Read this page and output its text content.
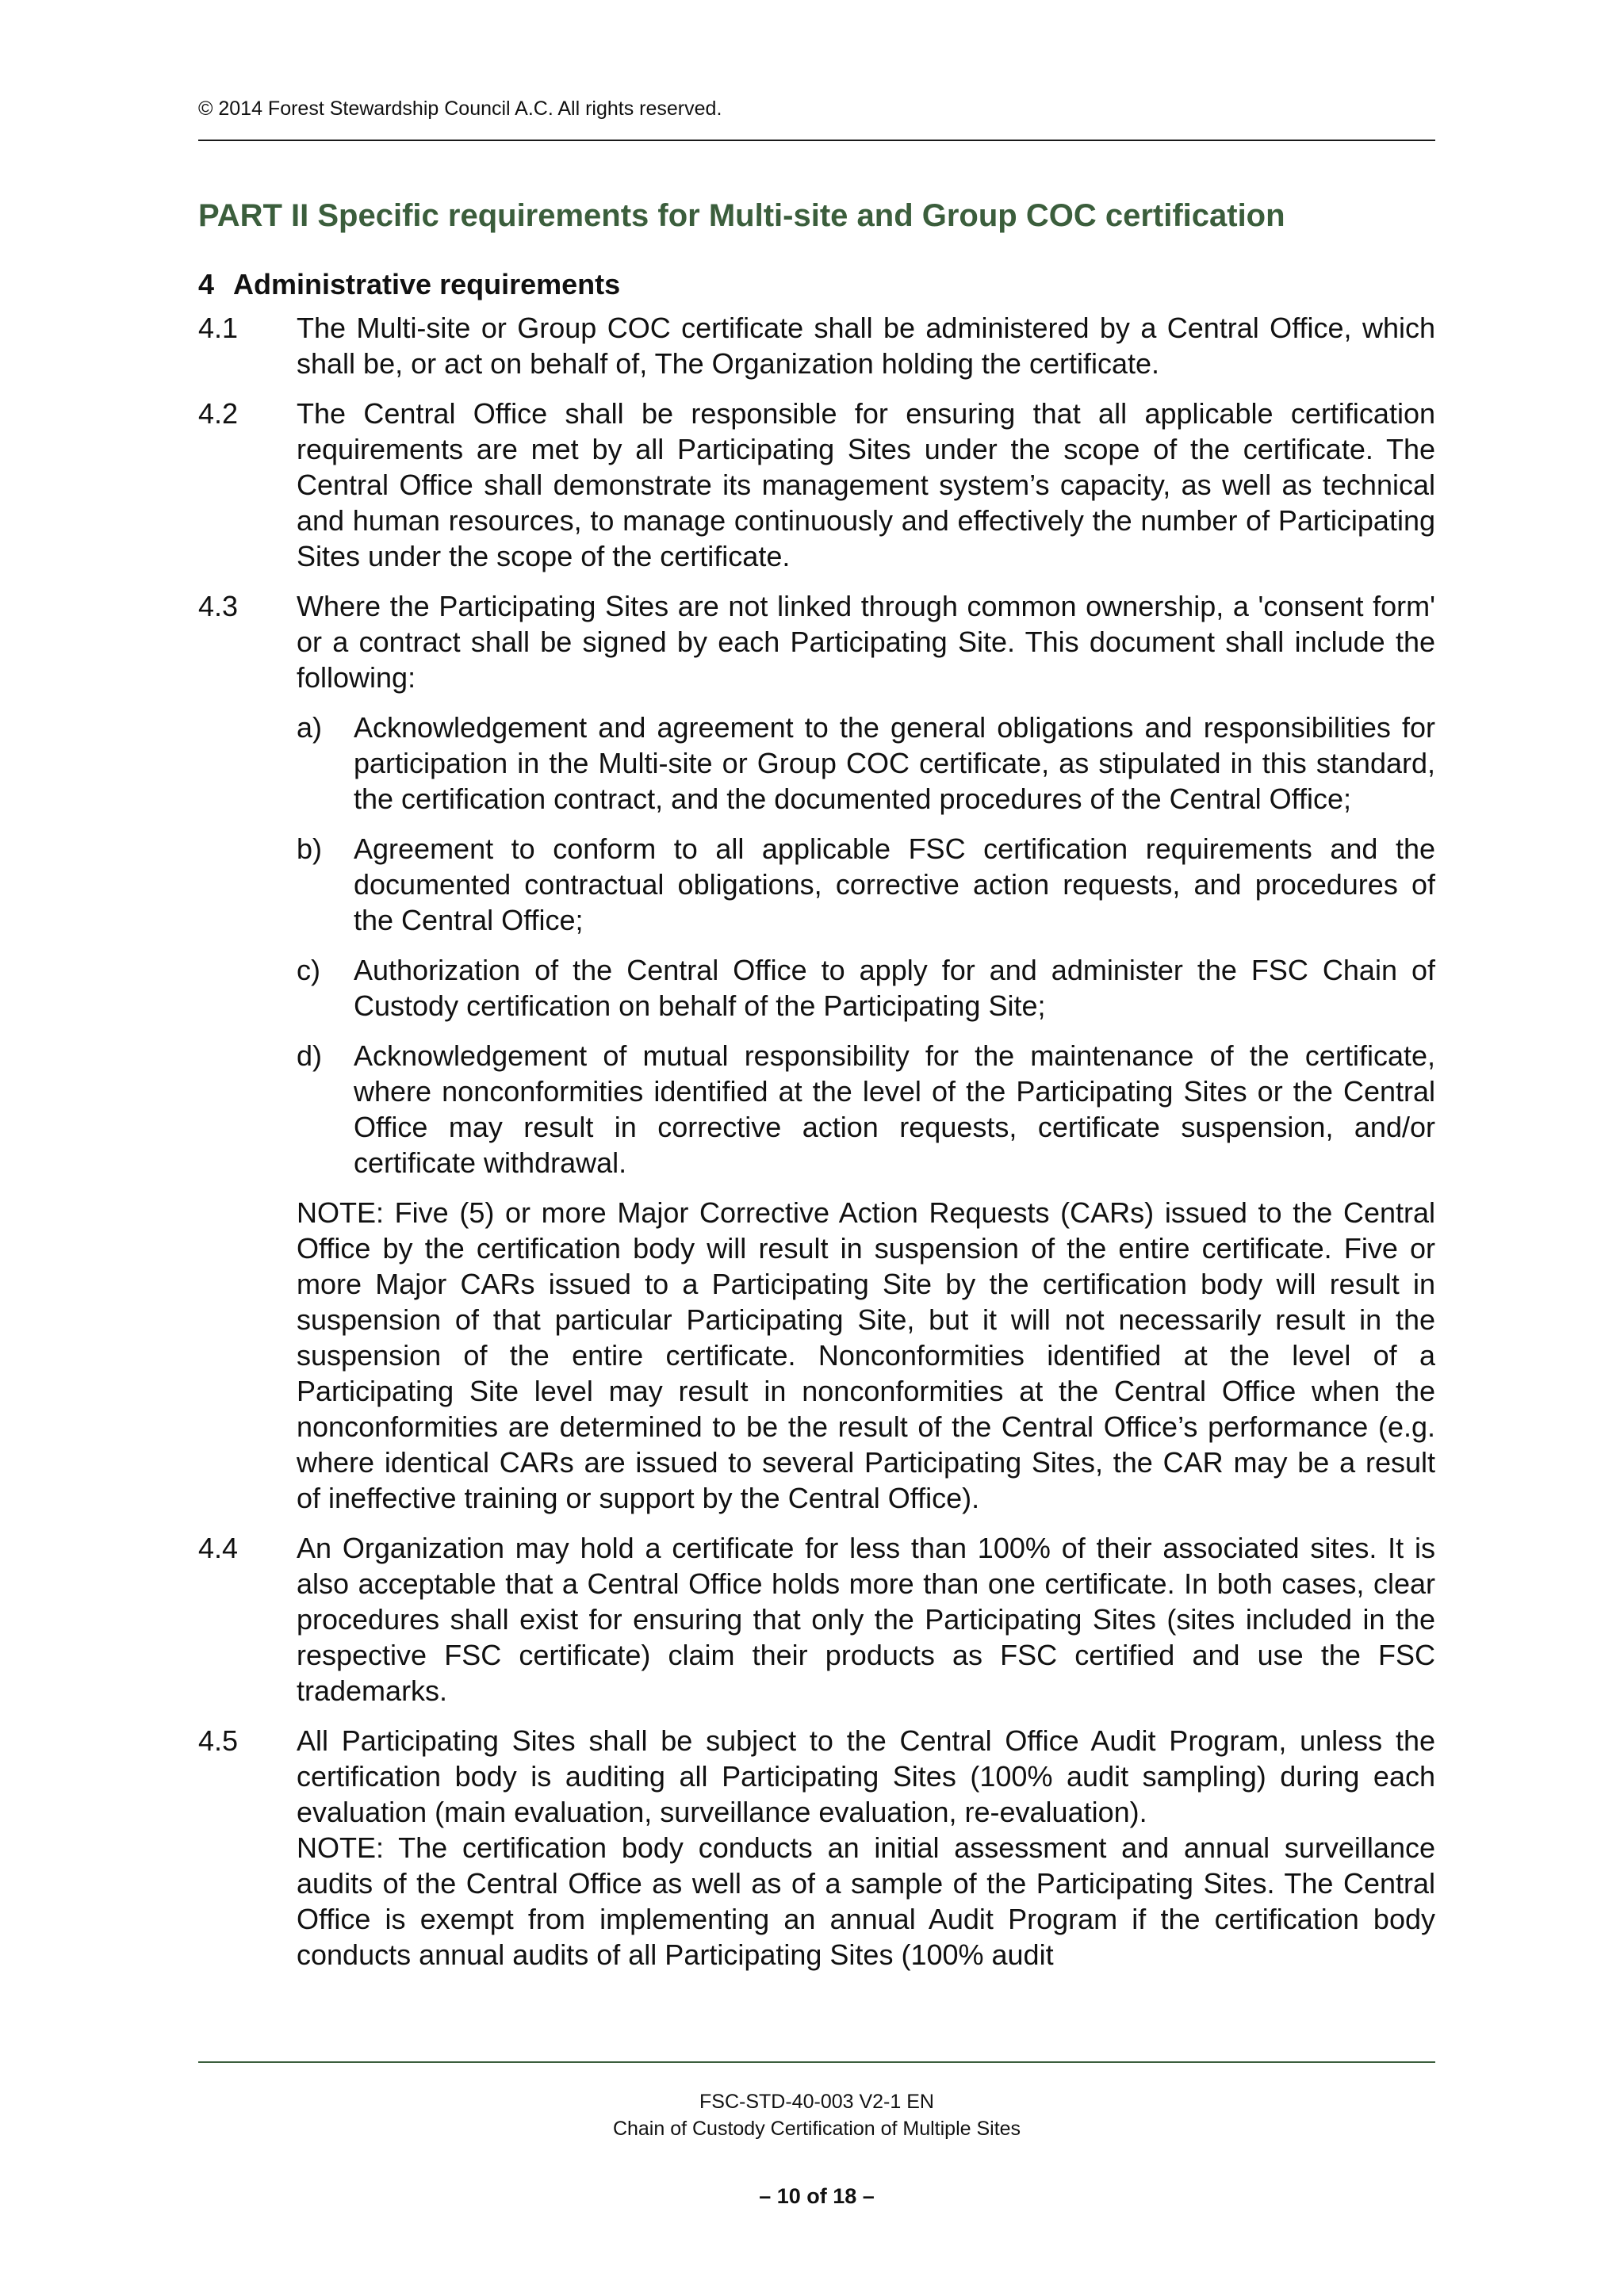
© 2014 Forest Stewardship Council A.C. All rights reserved.
PART II Specific requirements for Multi-site and Group COC certification
4 Administrative requirements
4.1 The Multi-site or Group COC certificate shall be administered by a Central Office, which shall be, or act on behalf of, The Organization holding the certificate.

4.2 The Central Office shall be responsible for ensuring that all applicable certification requirements are met by all Participating Sites under the scope of the certificate. The Central Office shall demonstrate its management system’s capacity, as well as technical and human resources, to manage continuously and effectively the number of Participating Sites under the scope of the certificate.

4.3 Where the Participating Sites are not linked through common ownership, a 'consent form' or a contract shall be signed by each Participating Site. This document shall include the following:

a) Acknowledgement and agreement to the general obligations and responsibilities for participation in the Multi-site or Group COC certificate, as stipulated in this standard, the certification contract, and the documented procedures of the Central Office;
b) Agreement to conform to all applicable FSC certification requirements and the documented contractual obligations, corrective action requests, and procedures of the Central Office;
c) Authorization of the Central Office to apply for and administer the FSC Chain of Custody certification on behalf of the Participating Site;
d) Acknowledgement of mutual responsibility for the maintenance of the certificate, where nonconformities identified at the level of the Participating Sites or the Central Office may result in corrective action requests, certificate suspension, and/or certificate withdrawal.

NOTE: Five (5) or more Major Corrective Action Requests (CARs) issued to the Central Office by the certification body will result in suspension of the entire certificate. Five or more Major CARs issued to a Participating Site by the certification body will result in suspension of that particular Participating Site, but it will not necessarily result in the suspension of the entire certificate. Nonconformities identified at the level of a Participating Site level may result in nonconformities at the Central Office when the nonconformities are determined to be the result of the Central Office’s performance (e.g. where identical CARs are issued to several Participating Sites, the CAR may be a result of ineffective training or support by the Central Office).

4.4 An Organization may hold a certificate for less than 100% of their associated sites. It is also acceptable that a Central Office holds more than one certificate. In both cases, clear procedures shall exist for ensuring that only the Participating Sites (sites included in the respective FSC certificate) claim their products as FSC certified and use the FSC trademarks.

4.5 All Participating Sites shall be subject to the Central Office Audit Program, unless the certification body is auditing all Participating Sites (100% audit sampling) during each evaluation (main evaluation, surveillance evaluation, re-evaluation).

NOTE: The certification body conducts an initial assessment and annual surveillance audits of the Central Office as well as of a sample of the Participating Sites. The Central Office is exempt from implementing an annual Audit Program if the certification body conducts annual audits of all Participating Sites (100% audit

FSC-STD-40-003 V2-1 EN
Chain of Custody Certification of Multiple Sites
– 10 of 18 –
